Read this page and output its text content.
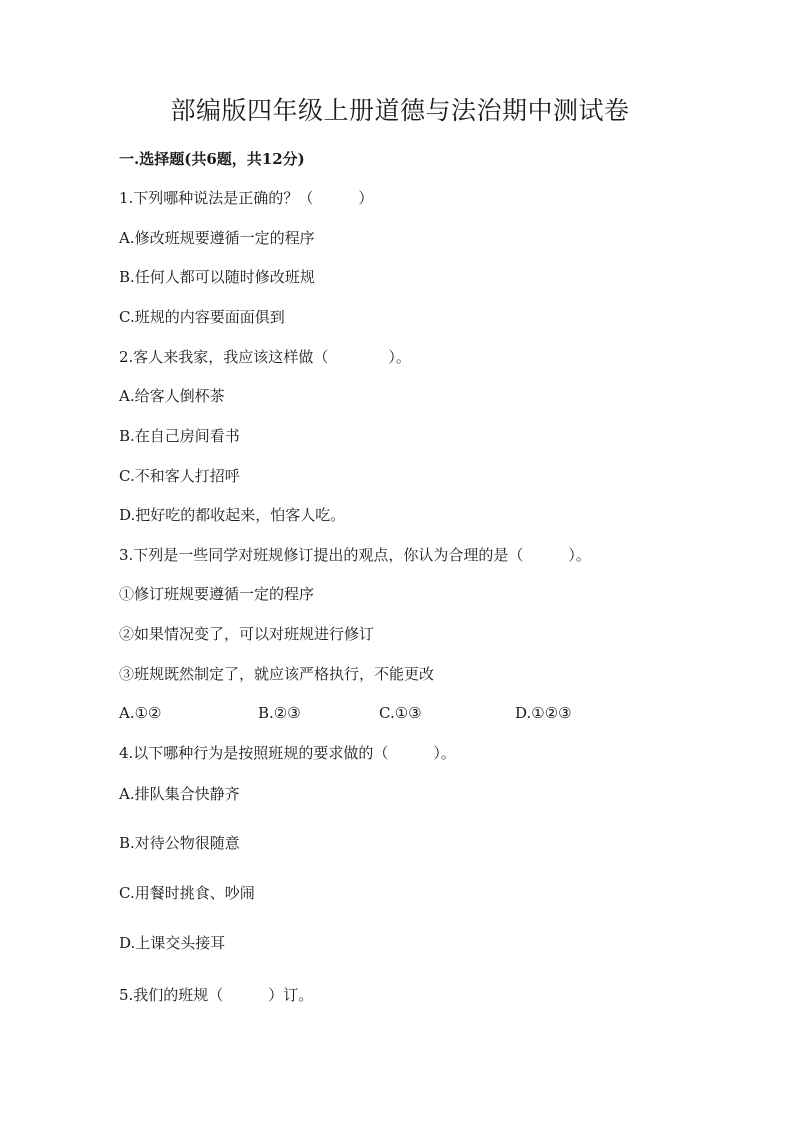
部编版四年级上册道德与法治期中测试卷
一.选择题(共6题，共12分)
1.下列哪种说法是正确的？（　　　）
A.修改班规要遵循一定的程序
B.任何人都可以随时修改班规
C.班规的内容要面面俱到
2.客人来我家，我应该这样做（　　　　）。
A.给客人倒杯茶
B.在自己房间看书
C.不和客人打招呼
D.把好吃的都收起来，怕客人吃。
3.下列是一些同学对班规修订提出的观点，你认为合理的是（　　　）。
①修订班规要遵循一定的程序
②如果情况变了，可以对班规进行修订
③班规既然制定了，就应该严格执行，不能更改
A.①②	B.②③	C.①③	D.①②③
4.以下哪种行为是按照班规的要求做的（　　　）。
A.排队集合快静齐
B.对待公物很随意
C.用餐时挑食、吵闹
D.上课交头接耳
5.我们的班规（　　　）订。
